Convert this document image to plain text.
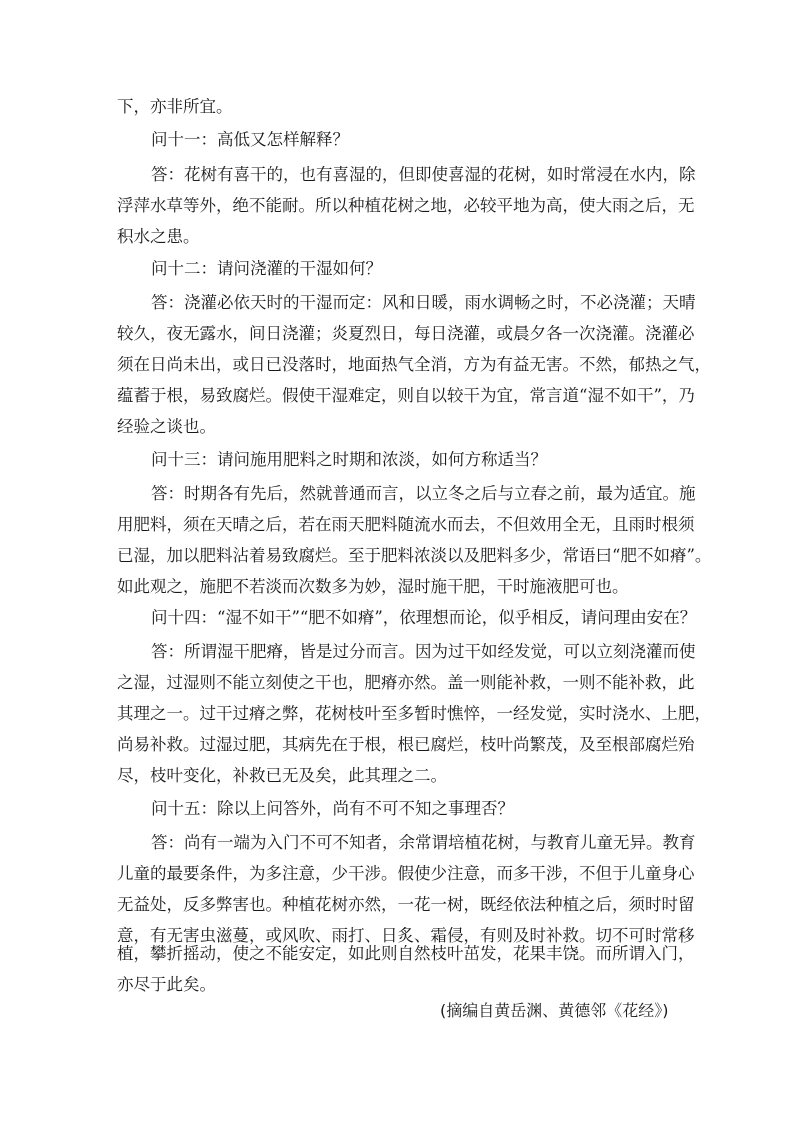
下，亦非所宜。
问十一：高低又怎样解释？
答 ： 花 树 有 喜 干 的 ， 也 有 喜 湿 的 ， 但 即 使 喜 湿 的 花 树 ， 如 时 常 浸 在 水 内 ， 除
浮 萍 水 草 等 外 ， 绝 不 能 耐 。 所 以 种 植 花 树 之 地 ， 必 较 平 地 为 高 ， 使 大 雨 之 后 ， 无
积水之患。
问十二：请问浇灌的干湿如何？
答 ： 浇 灌 必 依 天 时 的 干 湿 而 定 ： 风 和 日 暖 ， 雨 水 调 畅 之 时 ， 不 必 浇 灌 ； 天 晴
较 久 ， 夜 无 露 水 ， 间 日 浇 灌 ； 炎 夏 烈 日 ， 每 日 浇 灌 ， 或 晨 夕 各 一 次 浇 灌 。 浇 灌 必
须 在 日 尚 未 出 ， 或 日 已 没 落 时 ， 地 面 热 气 全 消 ， 方 为 有 益 无 害 。 不 然 ， 郁 热 之 气 ，
蕴 蓄 于 根 ， 易 致 腐 烂 。 假 使 干 湿 难 定 ， 则 自 以 较 干 为 宜 ， 常 言 道 “ 湿 不 如 干 ” ， 乃
经验之谈也。
问十三：请问施用肥料之时期和浓淡，如何方称适当？
答 ： 时 期 各 有 先 后 ， 然 就 普 通 而 言 ， 以 立 冬 之 后 与 立 春 之 前 ， 最 为 适 宜 。 施
用 肥 料 ， 须 在 天 晴 之 后 ， 若 在 雨 天 肥 料 随 流 水 而 去 ， 不 但 效 用 全 无 ， 且 雨 时 根 须
已 湿 ， 加 以 肥 料 沾 着 易 致 腐 烂 。 至 于 肥 料 浓 淡 以 及 肥 料 多 少 ， 常 语 曰 “ 肥 不 如 瘠 ” 。
如此观之，施肥不若淡而次数多为妙，湿时施干肥，干时施液肥可也。
问 十 四 ： “ 湿 不 如 干 ” “ 肥 不 如 瘠 ” ， 依 理 想 而 论 ， 似 乎 相 反 ， 请 问 理 由 安 在 ？
答 ： 所 谓 湿 干 肥 瘠 ， 皆 是 过 分 而 言 。 因 为 过 干 如 经 发 觉 ， 可 以 立 刻 浇 灌 而 使
之 湿 ， 过 湿 则 不 能 立 刻 使 之 干 也 ， 肥 瘠 亦 然 。 盖 一 则 能 补 救 ， 一 则 不 能 补 救 ， 此
其 理 之 一 。 过 干 过 瘠 之 弊 ， 花 树 枝 叶 至 多 暂 时 憔 悴 ， 一 经 发 觉 ， 实 时 浇 水 、 上 肥 ，
尚 易 补 救 。 过 湿 过 肥 ， 其 病 先 在 于 根 ， 根 已 腐 烂 ， 枝 叶 尚 繁 茂 ， 及 至 根 部 腐 烂 殆
尽，枝叶变化，补救已无及矣，此其理之二。
问十五：除以上问答外，尚有不可不知之事理否？
答 ： 尚 有 一 端 为 入 门 不 可 不 知 者 ， 余 常 谓 培 植 花 树 ， 与 教 育 儿 童 无 异 。 教 育
儿 童 的 最 要 条 件 ， 为 多 注 意 ， 少 干 涉 。 假 使 少 注 意 ， 而 多 干 涉 ， 不 但 于 儿 童 身 心
无 益 处 ， 反 多 弊 害 也 。 种 植 花 树 亦 然 ， 一 花 一 树 ， 既 经 依 法 种 植 之 后 ， 须 时 时 留
意 ， 有 无 害 虫 滋 蔓 ， 或 风 吹 、 雨 打 、 日 炙 、 霜 侵 ， 有 则 及 时 补 救 。 切 不 可 时 常 移
植 ， 攀 折 摇 动 ， 使 之 不 能 安 定 ， 如 此 则 自 然 枝 叶 茁 发 ， 花 果 丰 饶 。 而 所 谓 入 门 ，
亦尽于此矣。
(摘编自黄岳渊、黄德邻《花经》)
